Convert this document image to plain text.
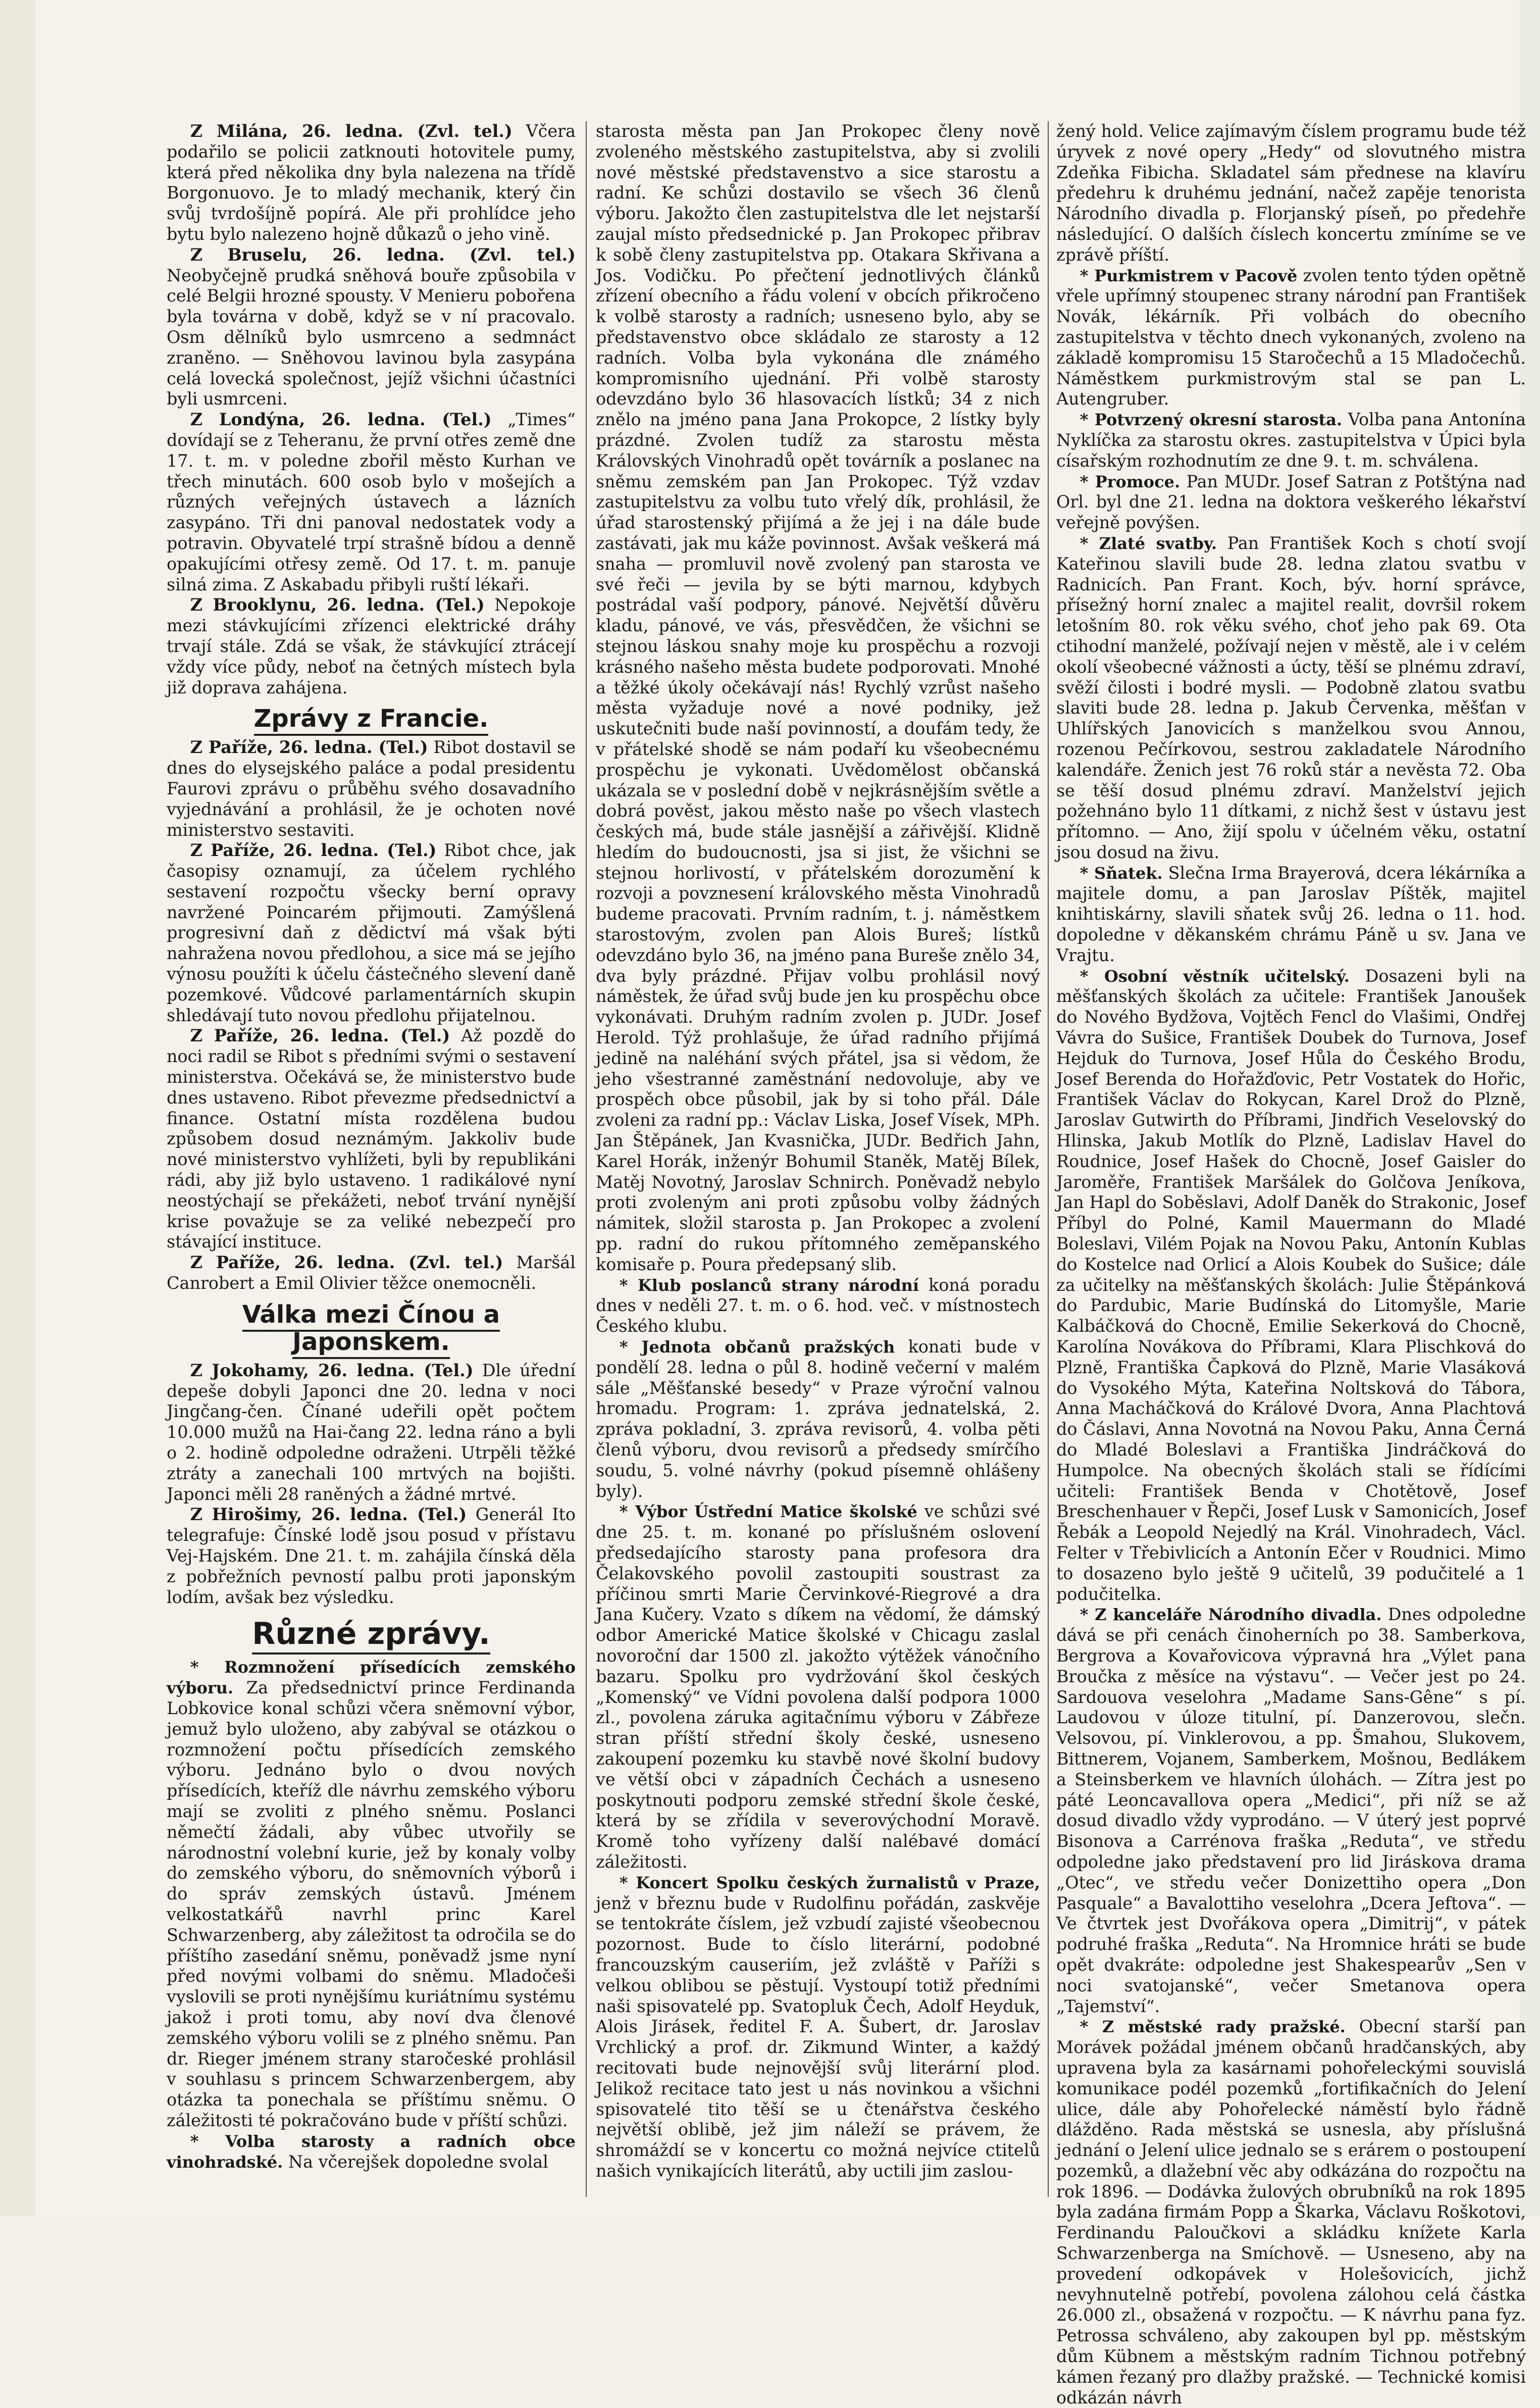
Z Milána, 26. ledna. (Zvl. tel.) Včera podařilo se policii zatknouti hotovitele pumy, která před několika dny byla nalezena na třídě Borgonuovo. Je to mladý mechanik, který čin svůj tvrdošíjně popírá. Ale při prohlídce jeho bytu bylo nalezeno hojně důkazů o jeho vině.

Z Bruselu, 26. ledna. (Zvl. tel.) Neobyčejně prudká sněhová bouře způsobila v celé Belgii hrozné spousty. V Menieru pobořena byla továrna v době, když se v ní pracovalo. Osm dělníků bylo usmrceno a sedmnáct zraněno. — Sněhovou lavinou byla zasypána celá lovecká společnost, jejíž všichni účastníci byli usmrceni.

Z Londýna, 26. ledna. (Tel.) „Times“ dovídají se z Teheranu, že první otřes země dne 17. t. m. v poledne zbořil město Kurhan ve třech minutách. 600 osob bylo v mošejích a různých veřejných ústavech a lázních zasypáno. Tři dni panoval nedostatek vody a potravin. Obyvatelé trpí strašně bídou a denně opakujícími otřesy země. Od 17. t. m. panuje silná zima. Z Askabadu přibyli ruští lékaři.

Z Brooklynu, 26. ledna. (Tel.) Nepokoje mezi stávkujícími zřízenci elektrické dráhy trvají stále. Zdá se však, že stávkující ztrácejí vždy více půdy, neboť na četných místech byla již doprava zahájena.

Zprávy z Francie.

Z Paříže, 26. ledna. (Tel.) Ribot dostavil se dnes do elysejského paláce a podal presidentu Faurovi zprávu o průběhu svého dosavadního vyjednávání a prohlásil, že je ochoten nové ministerstvo sestaviti.

Z Paříže, 26. ledna. (Tel.) Ribot chce, jak časopisy oznamují, za účelem rychlého sestavení rozpočtu všecky berní opravy navržené Poincarém přijmouti. Zamýšlená progresivní daň z dědictví má však býti nahražena novou předlohou, a sice má se jejího výnosu použíti k účelu částečného slevení daně pozemkové. Vůdcové parlamentárních skupin shledávají tuto novou předlohu přijatelnou.

Z Paříže, 26. ledna. (Tel.) Až pozdě do noci radil se Ribot s předními svými o sestavení ministerstva. Očekává se, že ministerstvo bude dnes ustaveno. Ribot převezme předsednictví a finance. Ostatní místa rozdělena budou způsobem dosud neznámým. Jakkoliv bude nové ministerstvo vyhlížeti, byli by republikáni rádi, aby již bylo ustaveno. 1 radikálové nyní neostýchají se překážeti, neboť trvání nynější krise považuje se za veliké nebezpečí pro stávající instituce.

Z Paříže, 26. ledna. (Zvl. tel.) Maršál Canrobert a Emil Olivier těžce onemocněli.

Válka mezi Čínou a Japonskem.

Z Jokohamy, 26. ledna. (Tel.) Dle úřední depeše dobyli Japonci dne 20. ledna v noci Jingčang-čen. Čínané udeřili opět počtem 10.000 mužů na Hai-čang 22. ledna ráno a byli o 2. hodině odpoledne odraženi. Utrpěli těžké ztráty a zanechali 100 mrtvých na bojišti. Japonci měli 28 raněných a žádné mrtvé.

Z Hirošimy, 26. ledna. (Tel.) Generál Ito telegrafuje: Čínské lodě jsou posud v přístavu Vej-Hajském. Dne 21. t. m. zahájila čínská děla z pobřežních pevností palbu proti japonským lodím, avšak bez výsledku.

Různé zprávy.

* Rozmnožení přísedících zemského výboru. Za předsednictví prince Ferdinanda Lobkovice konal schůzi včera sněmovní výbor, jemuž bylo uloženo, aby zabýval se otázkou o rozmnožení počtu přísedících zemského výboru. Jednáno bylo o dvou nových přísedících, kteříž dle návrhu zemského výboru mají se zvoliti z plného sněmu. Poslanci němečtí žádali, aby vůbec utvořily se národnostní volební kurie, jež by konaly volby do zemského výboru, do sněmovních výborů i do správ zemských ústavů. Jménem velkostatkářů navrhl princ Karel Schwarzenberg, aby záležitost ta odročila se do příštího zasedání sněmu, poněvadž jsme nyní před novými volbami do sněmu. Mladočeši vyslovili se proti nynějšímu kuriátnímu systému jakož i proti tomu, aby noví dva členové zemského výboru volili se z plného sněmu. Pan dr. Rieger jménem strany staročeské prohlásil v souhlasu s princem Schwarzenbergem, aby otázka ta ponechala se příštímu sněmu. O záležitosti té pokračováno bude v příští schůzi.

* Volba starosty a radních obce vinohradské. Na včerejšek dopoledne svolal

starosta města pan Jan Prokopec členy nově zvoleného městského zastupitelstva, aby si zvolili nové městské představenstvo a sice starostu a radní. Ke schůzi dostavilo se všech 36 členů výboru. Jakožto člen zastupitelstva dle let nejstarší zaujal místo předsednické p. Jan Prokopec přibrav k sobě členy zastupitelstva pp. Otakara Skřivana a Jos. Vodičku. Po přečtení jednotlivých článků zřízení obecního a řádu volení v obcích přikročeno k volbě starosty a radních; usneseno bylo, aby se představenstvo obce skládalo ze starosty a 12 radních. Volba byla vykonána dle známého kompromisního ujednání. Při volbě starosty odevzdáno bylo 36 hlasovacích lístků; 34 z nich znělo na jméno pana Jana Prokopce, 2 lístky byly prázdné. Zvolen tudíž za starostu města Královských Vinohradů opět továrník a poslanec na sněmu zemském pan Jan Prokopec. Týž vzdav zastupitelstvu za volbu tuto vřelý dík, prohlásil, že úřad starostenský přijímá a že jej i na dále bude zastávati, jak mu káže povinnost. Avšak veškerá má snaha — promluvil nově zvolený pan starosta ve své řeči — jevila by se býti marnou, kdybych postrádal vaší podpory, pánové. Největší důvěru kladu, pánové, ve vás, přesvědčen, že všichni se stejnou láskou snahy moje ku prospěchu a rozvoji krásného našeho města budete podporovati. Mnohé a těžké úkoly očekávají nás! Rychlý vzrůst našeho města vyžaduje nové a nové podniky, jež uskutečniti bude naší povinností, a doufám tedy, že v přátelské shodě se nám podaří ku všeobecnému prospěchu je vykonati. Uvědomělost občanská ukázala se v poslední době v nejkrásnějším světle a dobrá pověst, jakou město naše po všech vlastech českých má, bude stále jasnější a zářivější. Klidně hledím do budoucnosti, jsa si jist, že všichni se stejnou horlivostí, v přátelském dorozumění k rozvoji a povznesení královského města Vinohradů budeme pracovati. Prvním radním, t. j. náměstkem starostovým, zvolen pan Alois Bureš; lístků odevzdáno bylo 36, na jméno pana Bureše znělo 34, dva byly prázdné. Přijav volbu prohlásil nový náměstek, že úřad svůj bude jen ku prospěchu obce vykonávati. Druhým radním zvolen p. JUDr. Josef Herold. Týž prohlašuje, že úřad radního přijímá jedině na naléhání svých přátel, jsa si vědom, že jeho všestranné zaměstnání nedovoluje, aby ve prospěch obce působil, jak by si toho přál. Dále zvoleni za radní pp.: Václav Liska, Josef Vísek, MPh. Jan Štěpánek, Jan Kvasnička, JUDr. Bedřich Jahn, Karel Horák, inženýr Bohumil Staněk, Matěj Bílek, Matěj Novotný, Jaroslav Schnirch. Poněvadž nebylo proti zvoleným ani proti způsobu volby žádných námitek, složil starosta p. Jan Prokopec a zvolení pp. radní do rukou přítomného zeměpanského komisaře p. Poura předepsaný slib.

* Klub poslanců strany národní koná poradu dnes v neděli 27. t. m. o 6. hod. več. v místnostech Českého klubu.

* Jednota občanů pražských konati bude v pondělí 28. ledna o půl 8. hodině večerní v malém sále „Měšťanské besedy“ v Praze výroční valnou hromadu. Program: 1. zpráva jednatelská, 2. zpráva pokladní, 3. zpráva revisorů, 4. volba pěti členů výboru, dvou revisorů a předsedy smírčího soudu, 5. volné návrhy (pokud písemně ohlášeny byly).

* Výbor Ústřední Matice školské ve schůzi své dne 25. t. m. konané po příslušném oslovení předsedajícího starosty pana profesora dra Čelakovského povolil zastoupiti soustrast za příčinou smrti Marie Červinkové-Riegrové a dra Jana Kučery. Vzato s díkem na vědomí, že dámský odbor Americké Matice školské v Chicagu zaslal novoroční dar 1500 zl. jakožto výtěžek vánočního bazaru. Spolku pro vydržování škol českých „Komenský“ ve Vídni povolena další podpora 1000 zl., povolena záruka agitačnímu výboru v Zábřeze stran příští střední školy české, usneseno zakoupení pozemku ku stavbě nové školní budovy ve větší obci v západních Čechách a usneseno poskytnouti podporu zemské střední škole české, která by se zřídila v severovýchodní Moravě. Kromě toho vyřízeny další nalébavé domácí záležitosti.

* Koncert Spolku českých žurnalistů v Praze, jenž v březnu bude v Rudolfinu pořádán, zaskvěje se tentokráte číslem, jež vzbudí zajisté všeobecnou pozornost. Bude to číslo literární, podobné francouzským causeriím, jež zvláště v Paříži s velkou oblibou se pěstují. Vystoupí totiž předními naši spisovatelé pp. Svatopluk Čech, Adolf Heyduk, Alois Jirásek, ředitel F. A. Šubert, dr. Jaroslav Vrchlický a prof. dr. Zikmund Winter, a každý recitovati bude nejnovější svůj literární plod. Jelikož recitace tato jest u nás novinkou a všichni spisovatelé tito těší se u čtenářstva českého největší oblibě, jež jim náleží se právem, že shromáždí se v koncertu co možná nejvíce ctitelů našich vynikajících literátů, aby uctili jim zaslou-

žený hold. Velice zajímavým číslem programu bude též úryvek z nové opery „Hedy“ od slovutného mistra Zdeňka Fibicha. Skladatel sám přednese na klavíru předehru k druhému jednání, načež zapěje tenorista Národního divadla p. Florjanský píseň, po předehře následující. O dalších číslech koncertu zmíníme se ve zprávě příští.

* Purkmistrem v Pacově zvolen tento týden opětně vřele upřímný stoupenec strany národní pan František Novák, lékárník. Při volbách do obecního zastupitelstva v těchto dnech vykonaných, zvoleno na základě kompromisu 15 Staročechů a 15 Mladočechů. Náměstkem purkmistrovým stal se pan L. Autengruber.

* Potvrzený okresní starosta. Volba pana Antonína Nyklíčka za starostu okres. zastupitelstva v Úpici byla císařským rozhodnutím ze dne 9. t. m. schválena.

* Promoce. Pan MUDr. Josef Satran z Potštýna nad Orl. byl dne 21. ledna na doktora veškerého lékařství veřejně povýšen.

* Zlaté svatby. Pan František Koch s chotí svojí Kateřinou slavili bude 28. ledna zlatou svatbu v Radnicích. Pan Frant. Koch, býv. horní správce, přísežný horní znalec a majitel realit, dovršil rokem letošním 80. rok věku svého, choť jeho pak 69. Ota ctihodní manželé, požívají nejen v městě, ale i v celém okolí všeobecné vážnosti a úcty, těší se plnému zdraví, svěží čilosti i bodré mysli. — Podobně zlatou svatbu slaviti bude 28. ledna p. Jakub Červenka, měšťan v Uhlířských Janovicích s manželkou svou Annou, rozenou Pečírkovou, sestrou zakladatele Národního kalendáře. Ženich jest 76 roků stár a nevěsta 72. Oba se těší dosud plnému zdraví. Manželství jejich požehnáno bylo 11 dítkami, z nichž šest v ústavu jest přítomno. — Ano, žijí spolu v účelném věku, ostatní jsou dosud na živu.

* Sňatek. Slečna Irma Brayerová, dcera lékárníka a majitele domu, a pan Jaroslav Píštěk, majitel knihtiskárny, slavili sňatek svůj 26. ledna o 11. hod. dopoledne v děkanském chrámu Páně u sv. Jana ve Vrajtu.

* Osobní věstník učitelský. Dosazeni byli na měšťanských školách za učitele: František Janoušek do Nového Bydžova, Vojtěch Fencl do Vlašimi, Ondřej Vávra do Sušice, František Doubek do Turnova, Josef Hejduk do Turnova, Josef Hůla do Českého Brodu, Josef Berenda do Hořažďovic, Petr Vostatek do Hořic, František Václav do Rokycan, Karel Drož do Plzně, Jaroslav Gutwirth do Příbrami, Jindřich Veselovský do Hlinska, Jakub Motlík do Plzně, Ladislav Havel do Roudnice, Josef Hašek do Chocně, Josef Gaisler do Jaroměře, František Maršálek do Golčova Jeníkova, Jan Hapl do Soběslavi, Adolf Daněk do Strakonic, Josef Příbyl do Polné, Kamil Mauermann do Mladé Boleslavi, Vilém Pojak na Novou Paku, Antonín Kublas do Kostelce nad Orlicí a Alois Koubek do Sušice; dále za učitelky na měšťanských školách: Julie Štěpánková do Pardubic, Marie Budínská do Litomyšle, Marie Kalbáčková do Chocně, Emilie Sekerková do Chocně, Karolína Novákova do Příbrami, Klara Plischková do Plzně, Františka Čapková do Plzně, Marie Vlasáková do Vysokého Mýta, Kateřina Noltsková do Tábora, Anna Macháčková do Králové Dvora, Anna Plachtová do Čáslavi, Anna Novotná na Novou Paku, Anna Černá do Mladé Boleslavi a Františka Jindráčková do Humpolce. Na obecných školách stali se řídícími učiteli: František Benda v Chotětově, Josef Breschenhauer v Řepči, Josef Lusk v Samonicích, Josef Řebák a Leopold Nejedlý na Král. Vinohradech, Václ. Felter v Třebivlicích a Antonín Ečer v Roudnici. Mimo to dosazeno bylo ještě 9 učitelů, 39 podučitelé a 1 podučitelka.

* Z kanceláře Národního divadla. Dnes odpoledne dává se při cenách činoherních po 38. Samberkova, Bergrova a Kovařovicova výpravná hra „Výlet pana Broučka z měsíce na výstavu“. — Večer jest po 24. Sardouova veselohra „Madame Sans-Gêne“ s pí. Laudovou v úloze titulní, pí. Danzerovou, slečn. Velsovou, pí. Vinklerovou, a pp. Šmahou, Slukovem, Bittnerem, Vojanem, Samberkem, Mošnou, Bedlákem a Steinsberkem ve hlavních úlohách. — Zítra jest po páté Leoncavallova opera „Medici“, při níž se až dosud divadlo vždy vyprodáno. — V úterý jest poprvé Bisonova a Carrénova fraška „Reduta“, ve středu odpoledne jako představení pro lid Jiráskova drama „Otec“, ve středu večer Donizettiho opera „Don Pasquale“ a Bavalottiho veselohra „Dcera Jeftova“. — Ve čtvrtek jest Dvořákova opera „Dimitrij“, v pátek podruhé fraška „Reduta“. Na Hromnice hráti se bude opět dvakráte: odpoledne jest Shakespearův „Sen v noci svatojanské“, večer Smetanova opera „Tajemství“.

* Z městské rady pražské. Obecní starší pan Morávek požádal jménem občanů hradčanských, aby upravena byla za kasárnami pohořeleckými souvislá komunikace podél pozemků „fortifikačních do Jelení ulice, dále aby Pohořelecké náměstí bylo řádně dlážděno. Rada městská se usnesla, aby příslušná jednání o Jelení ulice jednalo se s erárem o postoupení pozemků, a dlažební věc aby odkázána do rozpočtu na rok 1896. — Dodávka žulových obrubníků na rok 1895 byla zadána firmám Popp a Škarka, Václavu Roškotovi, Ferdinandu Paloučkovi a skládku knížete Karla Schwarzenberga na Smíchově. — Usneseno, aby na provedení odkopávek v Holešovicích, jichž nevyhnutelně potřebí, povolena zálohou celá částka 26.000 zl., obsažená v rozpočtu. — K návrhu pana fyz. Petrossa schváleno, aby zakoupen byl pp. městským dům Kübnem a městským radním Tichnou potřebný kámen řezaný pro dlažby pražské. — Technické komisi odkázán návrh
